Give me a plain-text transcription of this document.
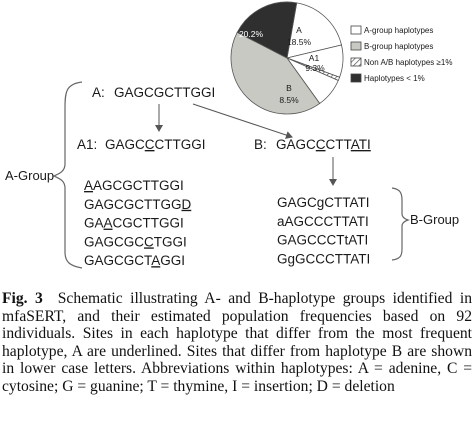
A
18.5%
A1
9.3%
B
8.5%
20.2%	A-group haplotypes
B-group haplotypes
Non A/B haplotypes ≥1%
Haplotypes < 1%
A: GAGCGCTTGGI
A1: GAGCCCTTGGI	B: GAGCCCTTATI
AAGCGCTTGGI
GAGCGCTTGGD
GAACGCTTGGI
GAGCGCCTGGI
GAGCGCTAGGI
GAGCgCTTATI
aAGCCCTTATI
GAGCCCTtATI
GgGCCCTTATI
A-Group
B-Group

Fig. 3 Schematic illustrating A- and B-haplotype groups identified in mfaSERT, and their estimated population frequencies based on 92 individuals. Sites in each haplotype that differ from the most frequent haplotype, A are underlined. Sites that differ from haplotype B are shown in lower case letters. Abbreviations within haplotypes: A = adenine, C = cytosine; G = guanine; T = thymine, I = insertion; D = deletion
